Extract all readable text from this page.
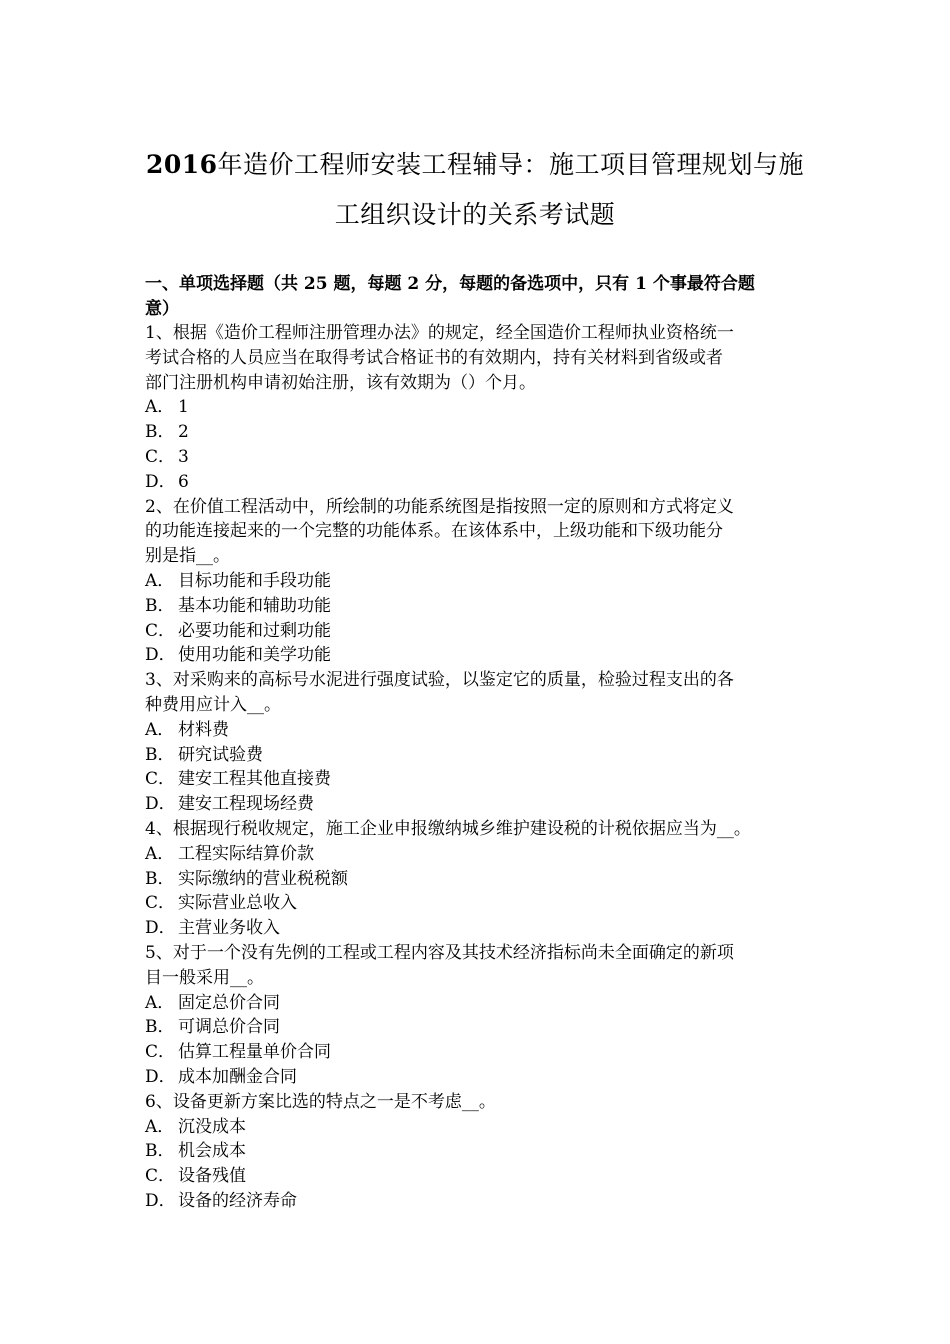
2016年造价工程师安装工程辅导：施工项目管理规划与施
工组织设计的关系考试题
一、单项选择题（共 25 题，每题 2 分，每题的备选项中，只有 1 个事最符合题
意）
1、根据《造价工程师注册管理办法》的规定，经全国造价工程师执业资格统一
考试合格的人员应当在取得考试合格证书的有效期内，持有关材料到省级或者
部门注册机构申请初始注册，该有效期为（）个月。
A． 1
B． 2
C． 3
D． 6
2、在价值工程活动中，所绘制的功能系统图是指按照一定的原则和方式将定义
的功能连接起来的一个完整的功能体系。在该体系中，上级功能和下级功能分
别是指__。
A． 目标功能和手段功能
B． 基本功能和辅助功能
C． 必要功能和过剩功能
D． 使用功能和美学功能
3、对采购来的高标号水泥进行强度试验，以鉴定它的质量，检验过程支出的各
种费用应计入__。
A． 材料费
B． 研究试验费
C． 建安工程其他直接费
D． 建安工程现场经费
4、根据现行税收规定，施工企业申报缴纳城乡维护建设税的计税依据应当为__。
A． 工程实际结算价款
B． 实际缴纳的营业税税额
C． 实际营业总收入
D． 主营业务收入
5、对于一个没有先例的工程或工程内容及其技术经济指标尚未全面确定的新项
目一般采用__。
A． 固定总价合同
B． 可调总价合同
C． 估算工程量单价合同
D． 成本加酬金合同
6、设备更新方案比选的特点之一是不考虑__。
A． 沉没成本
B． 机会成本
C． 设备残值
D． 设备的经济寿命
